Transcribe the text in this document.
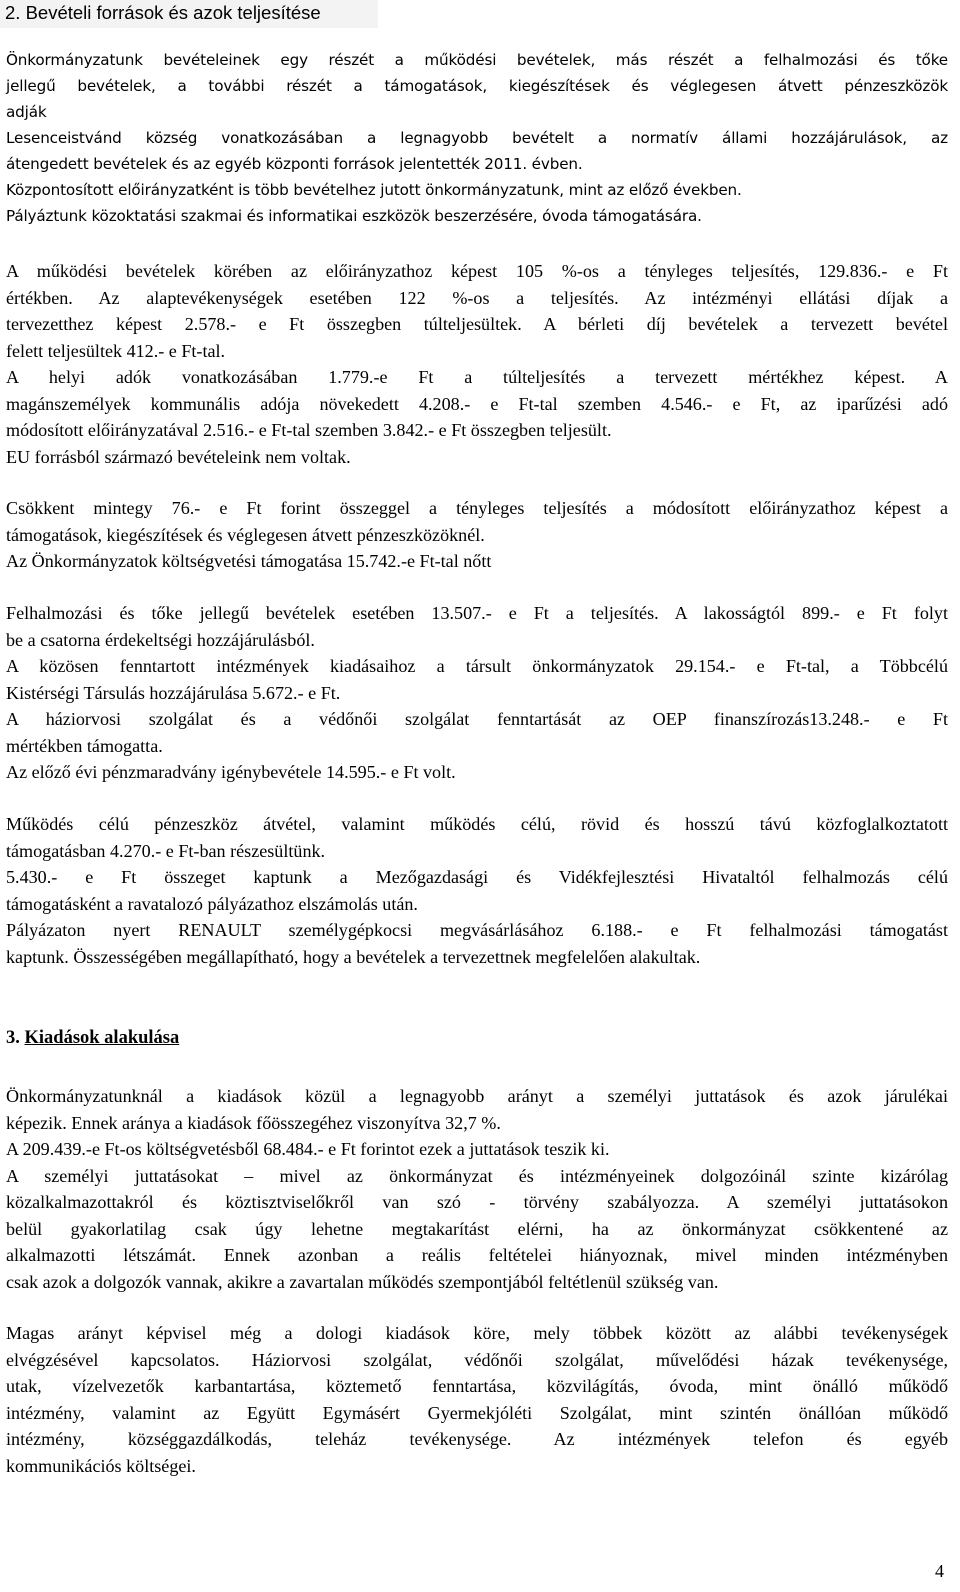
2. Bevételi források és azok teljesítése
Önkormányzatunk bevételeinek egy részét a működési bevételek, más részét a felhalmozási és tőke
jellegű bevételek, a további részét a támogatások, kiegészítések és véglegesen átvett pénzeszközök
adják
Lesenceistvánd község vonatkozásában a legnagyobb bevételt a normatív állami hozzájárulások, az
átengedett bevételek és az egyéb központi források jelentették 2011. évben.
Központosított előirányzatként is több bevételhez jutott önkormányzatunk, mint az előző években.
Pályáztunk közoktatási szakmai és informatikai eszközök beszerzésére, óvoda támogatására.
A működési bevételek körében az előirányzathoz képest 105 %-os a tényleges teljesítés, 129.836.- e Ft
értékben. Az alaptevékenységek esetében 122 %-os a teljesítés. Az intézményi ellátási díjak a
tervezetthez képest 2.578.- e Ft összegben túlteljesültek. A bérleti díj bevételek a tervezett bevétel
felett teljesültek 412.- e Ft-tal.
A helyi adók vonatkozásában 1.779.-e Ft a túlteljesítés a tervezett mértékhez képest. A
magánszemélyek kommunális adója növekedett 4.208.- e Ft-tal szemben 4.546.- e Ft, az iparűzési adó
módosított előirányzatával 2.516.- e Ft-tal szemben 3.842.- e Ft összegben teljesült.
EU forrásból származó bevételeink nem voltak.
Csökkent mintegy 76.- e Ft forint összeggel a tényleges teljesítés a módosított előirányzathoz képest a
támogatások, kiegészítések és véglegesen átvett pénzeszközöknél.
Az Önkormányzatok költségvetési támogatása 15.742.-e Ft-tal nőtt
Felhalmozási és tőke jellegű bevételek esetében 13.507.- e Ft a teljesítés. A lakosságtól 899.- e Ft folyt
be a csatorna érdekeltségi hozzájárulásból.
A közösen fenntartott intézmények kiadásaihoz a társult önkormányzatok 29.154.- e Ft-tal, a Többcélú
Kistérségi Társulás hozzájárulása 5.672.- e Ft.
A háziorvosi szolgálat és a védőnői szolgálat fenntartását az OEP finanszírozás13.248.- e Ft
mértékben támogatta.
Az előző évi pénzmaradvány igénybevétele 14.595.- e Ft volt.
Működés célú pénzeszköz átvétel, valamint működés célú, rövid és hosszú távú közfoglalkoztatott
támogatásban 4.270.- e Ft-ban részesültünk.
5.430.- e Ft összeget kaptunk a Mezőgazdasági és Vidékfejlesztési Hivataltól felhalmozás célú
támogatásként a ravatalozó pályázathoz elszámolás után.
Pályázaton nyert RENAULT személygépkocsi megvásárlásához 6.188.- e Ft felhalmozási támogatást
kaptunk. Összességében megállapítható, hogy a bevételek a tervezettnek megfelelően alakultak.
3. Kiadások alakulása
Önkormányzatunknál a kiadások közül a legnagyobb arányt a személyi juttatások és azok járulékai
képezik. Ennek aránya a kiadások főösszegéhez viszonyítva 32,7 %.
A 209.439.-e Ft-os költségvetésből 68.484.- e Ft forintot ezek a juttatások teszik ki.
A személyi juttatásokat – mivel az önkormányzat és intézményeinek dolgozóinál szinte kizárólag
közalkalmazottakról és köztisztviselőkről van szó - törvény szabályozza. A személyi juttatásokon
belül gyakorlatilag csak úgy lehetne megtakarítást elérni, ha az önkormányzat csökkentené az
alkalmazotti létszámát. Ennek azonban a reális feltételei hiányoznak, mivel minden intézményben
csak azok a dolgozók vannak, akikre a zavartalan működés szempontjából feltétlenül szükség van.
Magas arányt képvisel még a dologi kiadások köre, mely többek között az alábbi tevékenységek
elvégzésével kapcsolatos. Háziorvosi szolgálat, védőnői szolgálat, művelődési házak tevékenysége,
utak, vízelvezetők karbantartása, köztemető fenntartása, közvilágítás, óvoda, mint önálló működő
intézmény, valamint az Együtt Egymásért Gyermekjóléti Szolgálat, mint szintén önállóan működő
intézmény, községgazdálkodás, teleház tevékenysége. Az intézmények telefon és egyéb
kommunikációs költségei.
4
